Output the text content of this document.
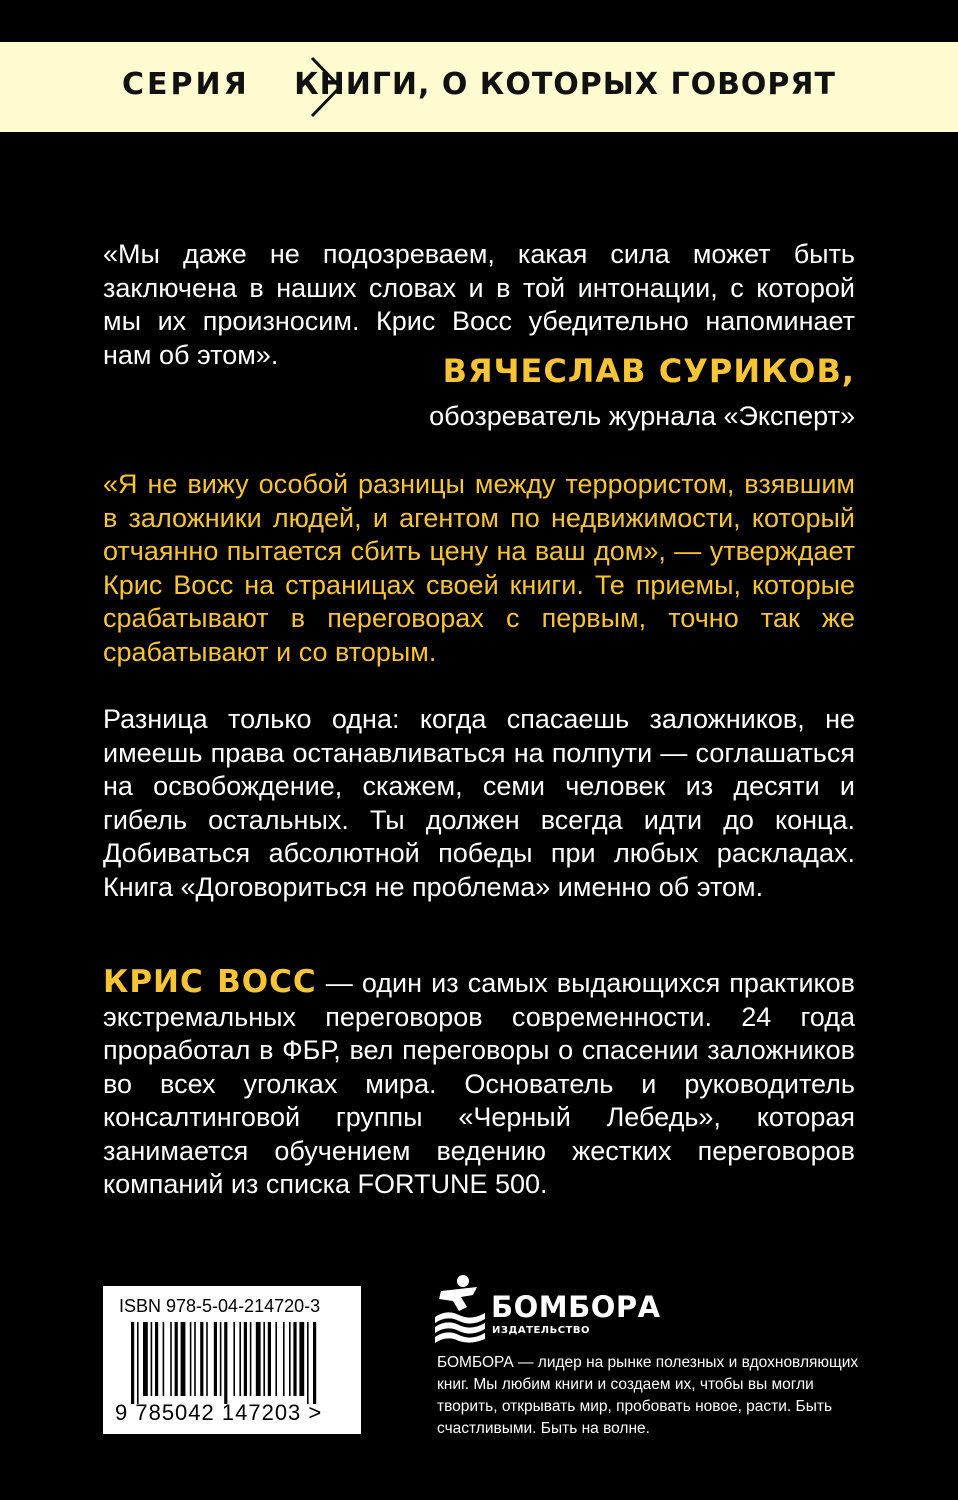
СЕРИЯ КНИГИ, О КОТОРЫХ ГОВОРЯТ
«Мы даже не подозреваем, какая сила может быть заключена в наших словах и в той интонации, с которой мы их произносим. Крис Восс убедительно напоминает нам об этом».	ВЯЧЕСЛАВ СУРИКОВ,
обозреватель журнала «Эксперт»
«Я не вижу особой разницы между террористом, взявшим в заложники людей, и агентом по недвижимости, который отчаянно пытается сбить цену на ваш дом», — утверждает Крис Восс на страницах своей книги. Те приемы, которые срабатывают в переговорах с первым, точно так же срабатывают и со вторым.
Разница только одна: когда спасаешь заложников, не имеешь права останавливаться на полпути — соглашаться на освобождение, скажем, семи человек из десяти и гибель остальных. Ты должен всегда идти до конца. Добиваться абсолютной победы при любых раскладах. Книга «Договориться не проблема» именно об этом.
КРИС ВОСС — один из самых выдающихся практиков экстремальных переговоров современности. 24 года проработал в ФБР, вел переговоры о спасении заложников во всех уголках мира. Основатель и руководитель консалтинговой группы «Черный Лебедь», которая занимается обучением ведению жестких переговоров компаний из списка FORTUNE 500.
ISBN 978-5-04-214720-3
9 785042 147203 >
БОМБОРА
ИЗДАТЕЛЬСТВО
БОМБОРА — лидер на рынке полезных и вдохновляющих книг. Мы любим книги и создаем их, чтобы вы могли творить, открывать мир, пробовать новое, расти. Быть счастливыми. Быть на волне.
